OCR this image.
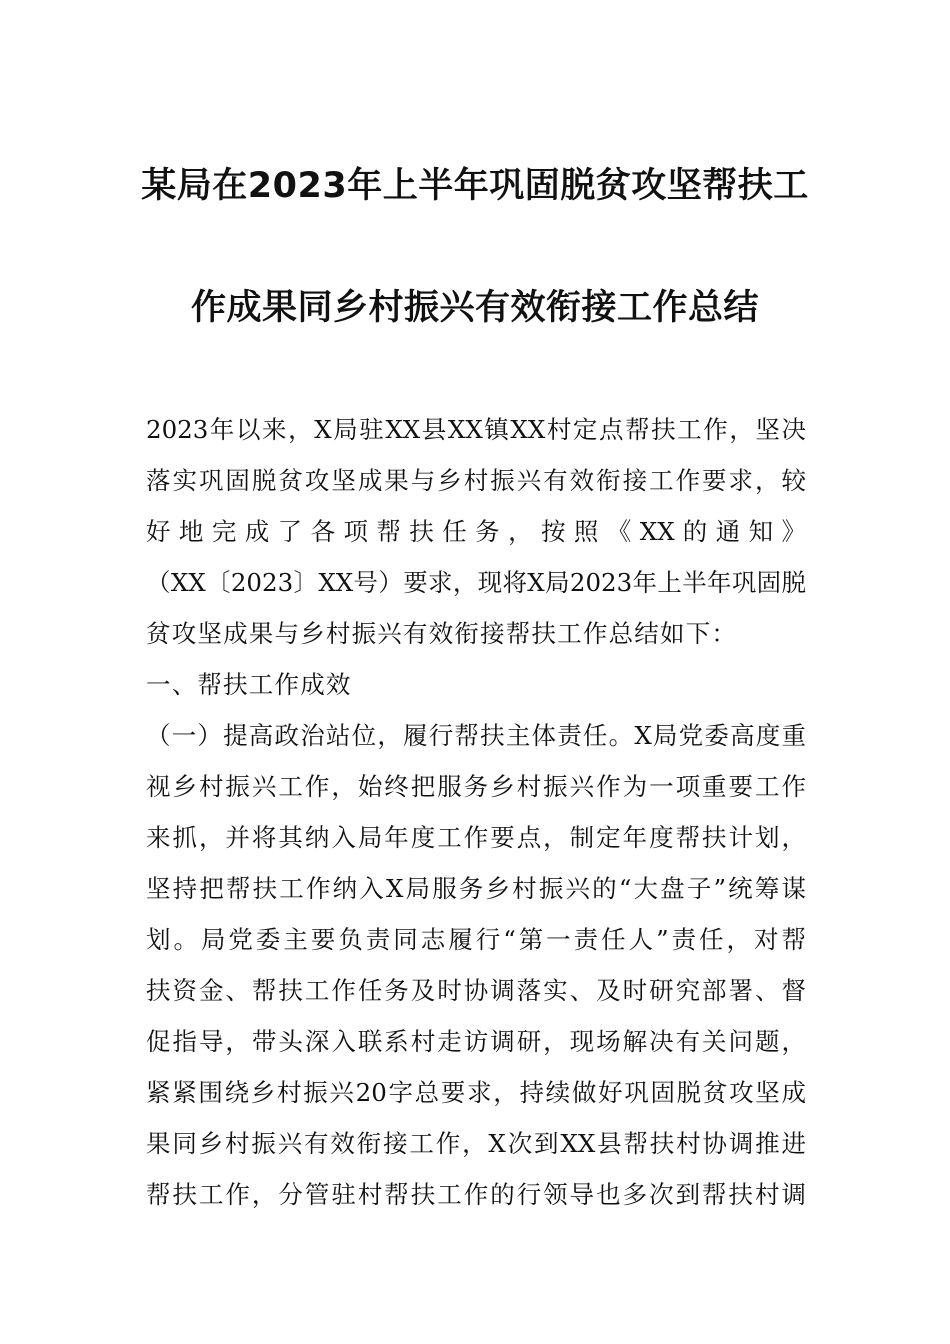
某局在2023年上半年巩固脱贫攻坚帮扶工
作成果同乡村振兴有效衔接工作总结
2023年以来，X局驻XX县XX镇XX村定点帮扶工作，坚决
落实巩固脱贫攻坚成果与乡村振兴有效衔接工作要求，较
好 地 完 成 了 各 项 帮 扶 任 务 ， 按 照 《 XX 的 通 知 》
（XX〔2023〕XX号）要求，现将X局2023年上半年巩固脱
贫攻坚成果与乡村振兴有效衔接帮扶工作总结如下：
一、帮扶工作成效
（一）提高政治站位，履行帮扶主体责任。X局党委高度重
视乡村振兴工作，始终把服务乡村振兴作为一项重要工作
来抓，并将其纳入局年度工作要点，制定年度帮扶计划，
坚持把帮扶工作纳入X局服务乡村振兴的“大盘子”统筹谋
划。局党委主要负责同志履行“第一责任人”责任，对帮
扶资金、帮扶工作任务及时协调落实、及时研究部署、督
促指导，带头深入联系村走访调研，现场解决有关问题，
紧紧围绕乡村振兴20字总要求，持续做好巩固脱贫攻坚成
果同乡村振兴有效衔接工作，X次到XX县帮扶村协调推进
帮扶工作，分管驻村帮扶工作的行领导也多次到帮扶村调
